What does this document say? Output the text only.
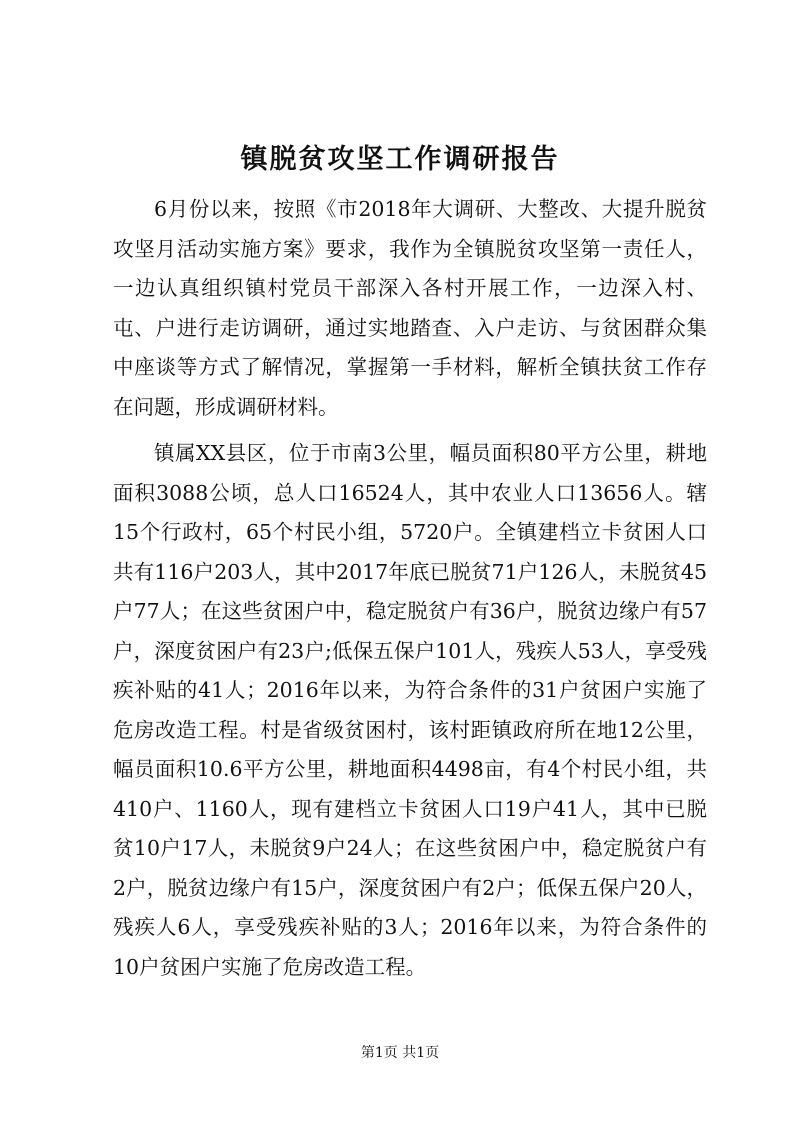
镇脱贫攻坚工作调研报告

6月份以来，按照《市2018年大调研、大整改、大提升脱贫攻坚月活动实施方案》要求，我作为全镇脱贫攻坚第一责任人，一边认真组织镇村党员干部深入各村开展工作，一边深入村、屯、户进行走访调研，通过实地踏查、入户走访、与贫困群众集中座谈等方式了解情况，掌握第一手材料，解析全镇扶贫工作存在问题，形成调研材料。

镇属XX县区，位于市南3公里，幅员面积80平方公里，耕地面积3088公顷，总人口16524人，其中农业人口13656人。辖15个行政村，65个村民小组，5720户。全镇建档立卡贫困人口共有116户203人，其中2017年底已脱贫71户126人，未脱贫45户77人；在这些贫困户中，稳定脱贫户有36户，脱贫边缘户有57户，深度贫困户有23户;低保五保户101人，残疾人53人，享受残疾补贴的41人；2016年以来，为符合条件的31户贫困户实施了危房改造工程。村是省级贫困村，该村距镇政府所在地12公里，幅员面积10.6平方公里，耕地面积4498亩，有4个村民小组，共410户、1160人，现有建档立卡贫困人口19户41人，其中已脱贫10户17人，未脱贫9户24人；在这些贫困户中，稳定脱贫户有2户，脱贫边缘户有15户，深度贫困户有2户；低保五保户20人，残疾人6人，享受残疾补贴的3人；2016年以来，为符合条件的10户贫困户实施了危房改造工程。

第1页 共1页
